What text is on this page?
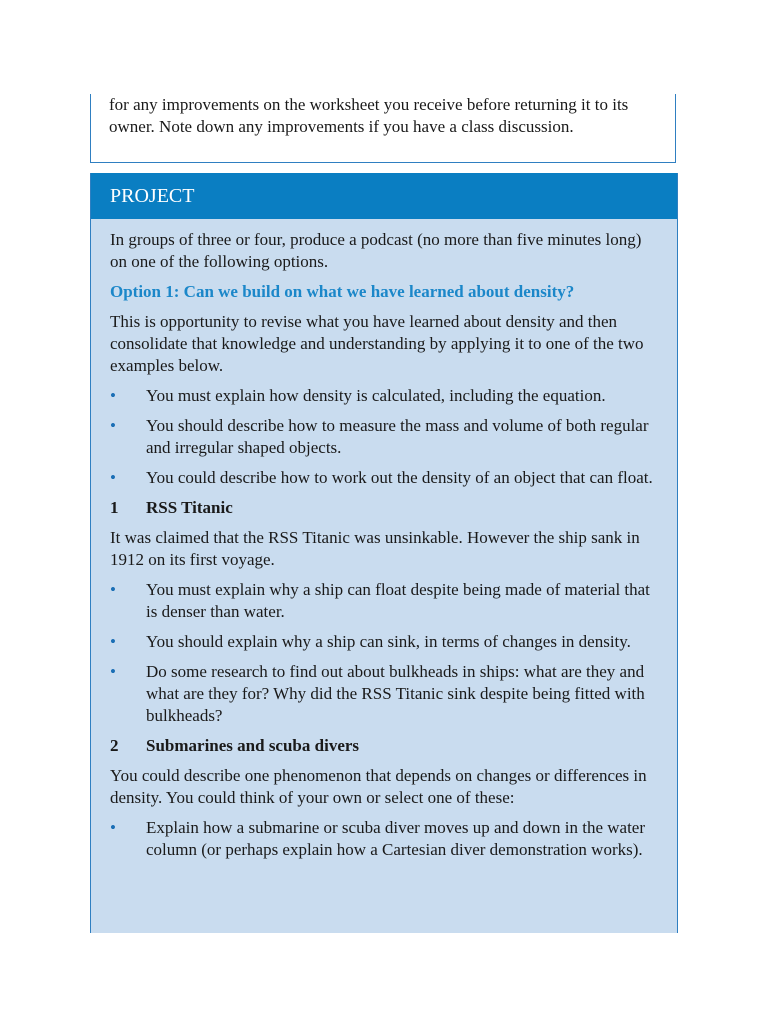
for any improvements on the worksheet you receive before returning it to its owner. Note down any improvements if you have a class discussion.

PROJECT

In groups of three or four, produce a podcast (no more than five minutes long) on one of the following options.

Option 1: Can we build on what we have learned about density?

This is opportunity to revise what you have learned about density and then consolidate that knowledge and understanding by applying it to one of the two examples below.

• You must explain how density is calculated, including the equation.
• You should describe how to measure the mass and volume of both regular and irregular shaped objects.
• You could describe how to work out the density of an object that can float.
1	RSS Titanic

It was claimed that the RSS Titanic was unsinkable. However the ship sank in 1912 on its first voyage.

• You must explain why a ship can float despite being made of material that is denser than water.
• You should explain why a ship can sink, in terms of changes in density.
• Do some research to find out about bulkheads in ships: what are they and what are they for? Why did the RSS Titanic sink despite being fitted with bulkheads?
2	Submarines and scuba divers

You could describe one phenomenon that depends on changes or differences in density. You could think of your own or select one of these:

• Explain how a submarine or scuba diver moves up and down in the water column (or perhaps explain how a Cartesian diver demonstration works).
